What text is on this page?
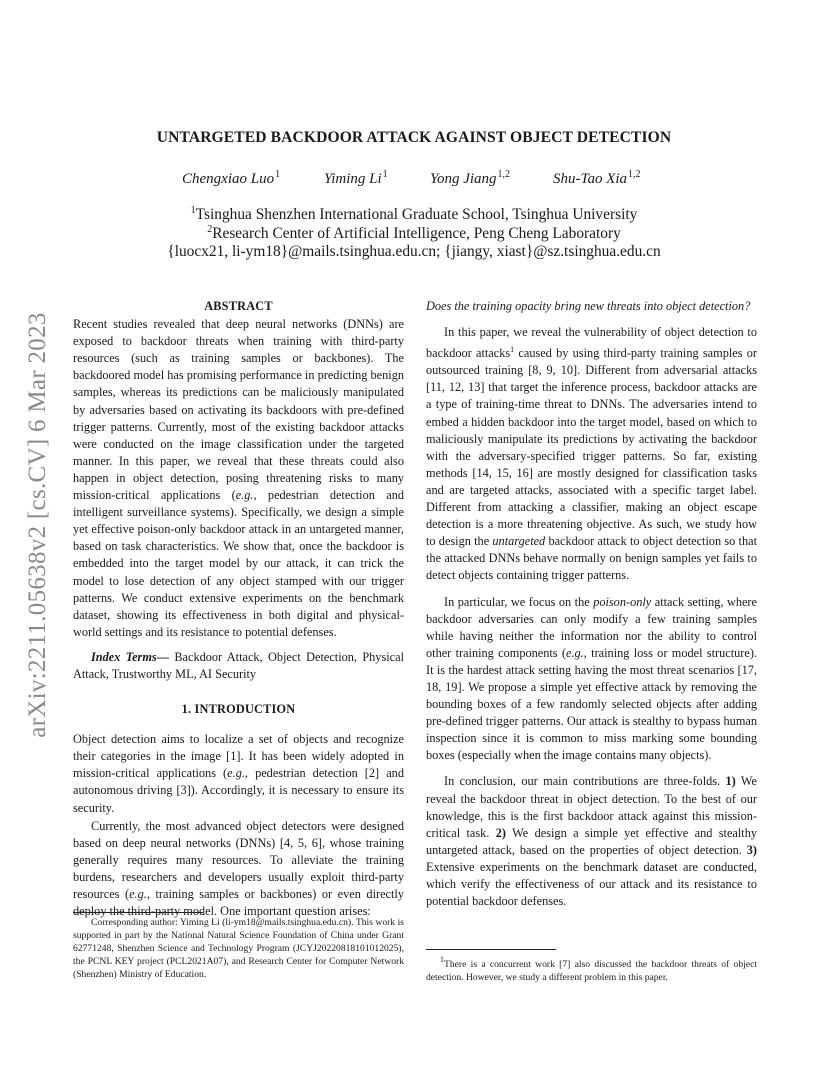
arXiv:2211.05638v2 [cs.CV] 6 Mar 2023
UNTARGETED BACKDOOR ATTACK AGAINST OBJECT DETECTION
Chengxiao Luo$^1$	Yiming Li$^1$	Yong Jiang$^{1,2}$	Shu-Tao Xia$^{1,2}$
$^1$Tsinghua Shenzhen International Graduate School, Tsinghua University
$^2$Research Center of Artificial Intelligence, Peng Cheng Laboratory
{luocx21, li-ym18}@mails.tsinghua.edu.cn; {jiangy, xiast}@sz.tsinghua.edu.cn
ABSTRACT

Recent studies revealed that deep neural networks (DNNs) are exposed to backdoor threats when training with third-party resources (such as training samples or backbones). The backdoored model has promising performance in predicting benign samples, whereas its predictions can be maliciously manipulated by adversaries based on activating its backdoors with pre-defined trigger patterns. Currently, most of the existing backdoor attacks were conducted on the image classification under the targeted manner. In this paper, we reveal that these threats could also happen in object detection, posing threatening risks to many mission-critical applications (e.g., pedestrian detection and intelligent surveillance systems). Specifically, we design a simple yet effective poison-only backdoor attack in an untargeted manner, based on task characteristics. We show that, once the backdoor is embedded into the target model by our attack, it can trick the model to lose detection of any object stamped with our trigger patterns. We conduct extensive experiments on the benchmark dataset, showing its effectiveness in both digital and physical-world settings and its resistance to potential defenses.

Index Terms— Backdoor Attack, Object Detection, Physical Attack, Trustworthy ML, AI Security

1. INTRODUCTION

Object detection aims to localize a set of objects and recognize their categories in the image [1]. It has been widely adopted in mission-critical applications (e.g., pedestrian detection [2] and autonomous driving [3]). Accordingly, it is necessary to ensure its security.

Currently, the most advanced object detectors were designed based on deep neural networks (DNNs) [4, 5, 6], whose training generally requires many resources. To alleviate the training burdens, researchers and developers usually exploit third-party resources (e.g., training samples or backbones) or even directly deploy the third-party model. One important question arises:

Corresponding author: Yiming Li (li-ym18@mails.tsinghua.edu.cn). This work is supported in part by the National Natural Science Foundation of China under Grant 62771248, Shenzhen Science and Technology Program (JCYJ20220818101012025), the PCNL KEY project (PCL2021A07), and Research Center for Computer Network (Shenzhen) Ministry of Education.

Does the training opacity bring new threats into object detection?

In this paper, we reveal the vulnerability of object detection to backdoor attacks$^1$ caused by using third-party training samples or outsourced training [8, 9, 10]. Different from adversarial attacks [11, 12, 13] that target the inference process, backdoor attacks are a type of training-time threat to DNNs. The adversaries intend to embed a hidden backdoor into the target model, based on which to maliciously manipulate its predictions by activating the backdoor with the adversary-specified trigger patterns. So far, existing methods [14, 15, 16] are mostly designed for classification tasks and are targeted attacks, associated with a specific target label. Different from attacking a classifier, making an object escape detection is a more threatening objective. As such, we study how to design the untargeted backdoor attack to object detection so that the attacked DNNs behave normally on benign samples yet fails to detect objects containing trigger patterns.

In particular, we focus on the poison-only attack setting, where backdoor adversaries can only modify a few training samples while having neither the information nor the ability to control other training components (e.g., training loss or model structure). It is the hardest attack setting having the most threat scenarios [17, 18, 19]. We propose a simple yet effective attack by removing the bounding boxes of a few randomly selected objects after adding pre-defined trigger patterns. Our attack is stealthy to bypass human inspection since it is common to miss marking some bounding boxes (especially when the image contains many objects).

In conclusion, our main contributions are three-folds. 1) We reveal the backdoor threat in object detection. To the best of our knowledge, this is the first backdoor attack against this mission-critical task. 2) We design a simple yet effective and stealthy untargeted attack, based on the properties of object detection. 3) Extensive experiments on the benchmark dataset are conducted, which verify the effectiveness of our attack and its resistance to potential backdoor defenses.

$^1$There is a concurrent work [7] also discussed the backdoor threats of object detection. However, we study a different problem in this paper.
